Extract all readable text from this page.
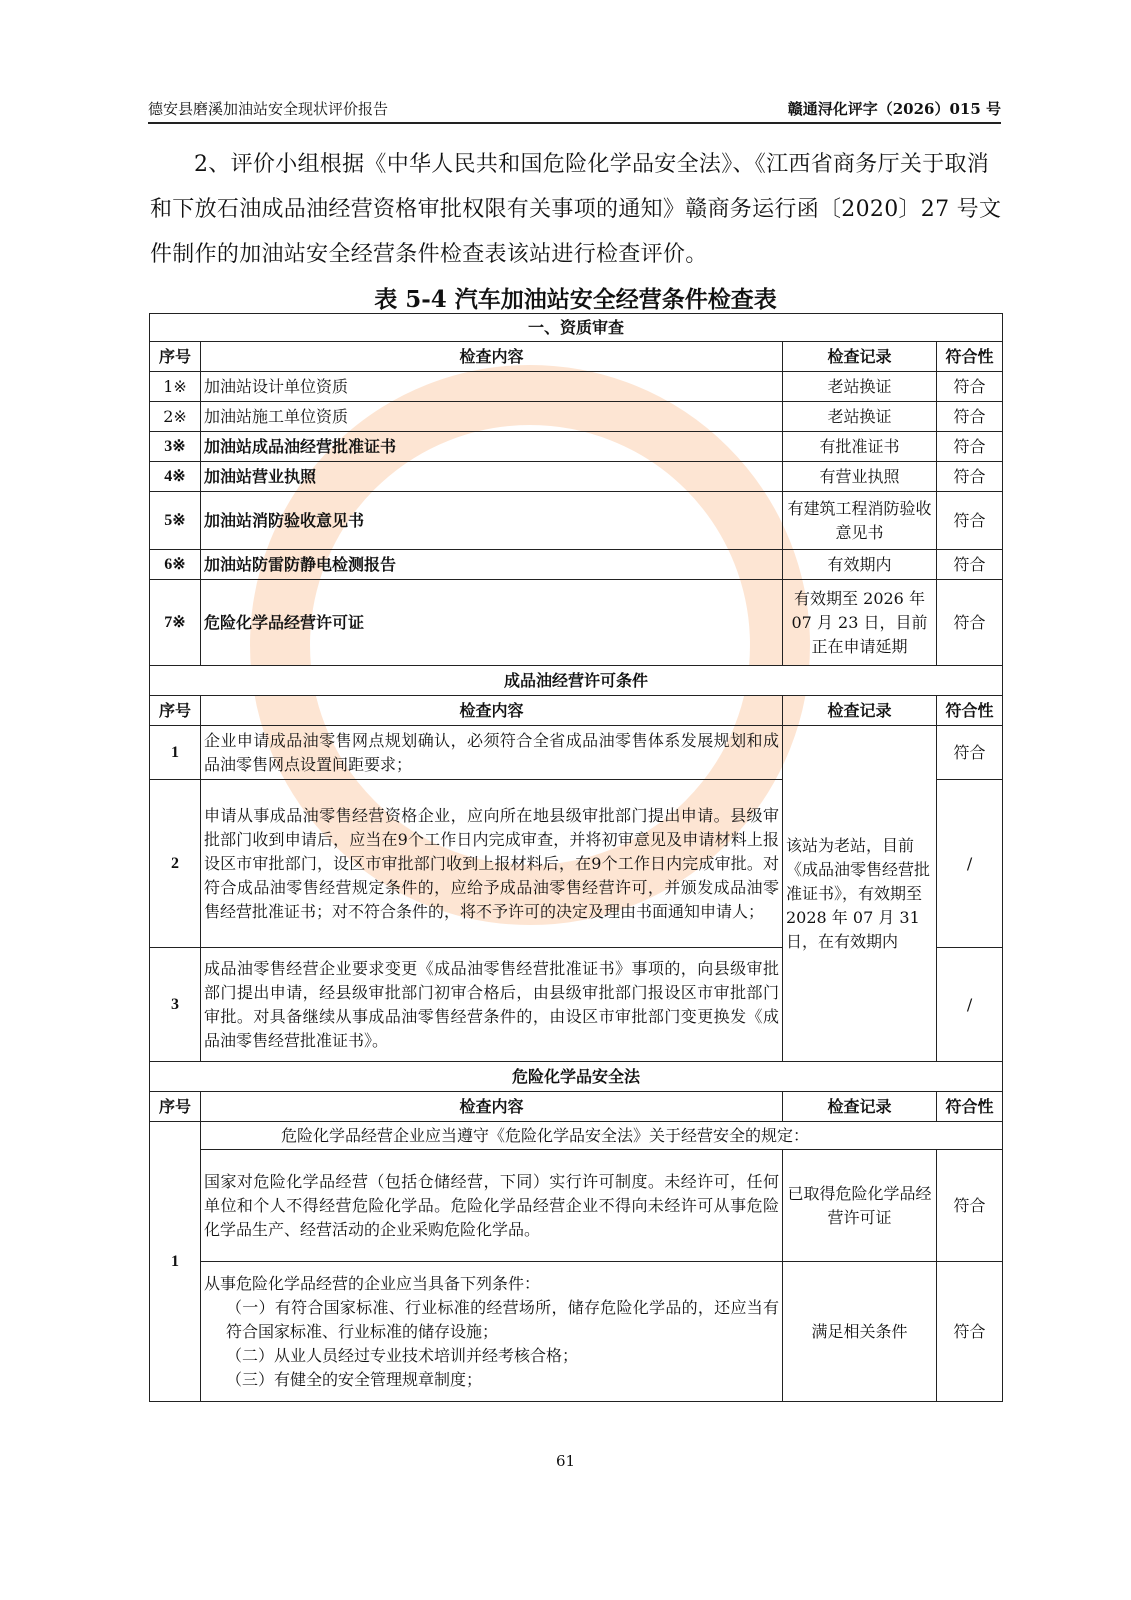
德安县磨溪加油站安全现状评价报告	赣通浔化评字（2026）015 号
2、评价小组根据《中华人民共和国危险化学品安全法》、《江西省商务厅关于取消和下放石油成品油经营资格审批权限有关事项的通知》赣商务运行函〔2020〕27 号文件制作的加油站安全经营条件检查表该站进行检查评价。
表 5-4 汽车加油站安全经营条件检查表
一、资质审查			
序号	检查内容	检查记录	符合性
1※	加油站设计单位资质	老站换证	符合
2※	加油站施工单位资质	老站换证	符合
3※	加油站成品油经营批准证书	有批准证书	符合
4※	加油站营业执照	有营业执照	符合
5※	加油站消防验收意见书	有建筑工程消防验收意见书	符合
6※	加油站防雷防静电检测报告	有效期内	符合
7※	危险化学品经营许可证	有效期至 2026 年 07 月 23 日，目前正在申请延期	符合
成品油经营许可条件			
序号	检查内容	检查记录	符合性
1	企业申请成品油零售网点规划确认，必须符合全省成品油零售体系发展规划和成品油零售网点设置间距要求；	该站为老站，目前《成品油零售经营批准证书》，有效期至 2028 年 07 月 31 日，在有效期内	符合
2	申请从事成品油零售经营资格企业，应向所在地县级审批部门提出申请。县级审批部门收到申请后，应当在9个工作日内完成审查，并将初审意见及申请材料上报设区市审批部门，设区市审批部门收到上报材料后，在9个工作日内完成审批。对符合成品油零售经营规定条件的，应给予成品油零售经营许可，并颁发成品油零售经营批准证书；对不符合条件的，将不予许可的决定及理由书面通知申请人；		/
3	成品油零售经营企业要求变更《成品油零售经营批准证书》事项的，向县级审批部门提出申请，经县级审批部门初审合格后，由县级审批部门报设区市审批部门审批。对具备继续从事成品油零售经营条件的，由设区市审批部门变更换发《成品油零售经营批准证书》。		/
危险化学品安全法			
序号	检查内容	检查记录	符合性
1	危险化学品经营企业应当遵守《危险化学品安全法》关于经营安全的规定：		
	国家对危险化学品经营（包括仓储经营，下同）实行许可制度。未经许可，任何单位和个人不得经营危险化学品。危险化学品经营企业不得向未经许可从事危险化学品生产、经营活动的企业采购危险化学品。	已取得危险化学品经营许可证	符合

	从事危险化学品经营的企业应当具备下列条件：
（一）有符合国家标准、行业标准的经营场所，储存危险化学品的，还应当有符合国家标准、行业标准的储存设施；
（二）从业人员经过专业技术培训并经考核合格；
（三）有健全的安全管理规章制度；	满足相关条件	符合
61
